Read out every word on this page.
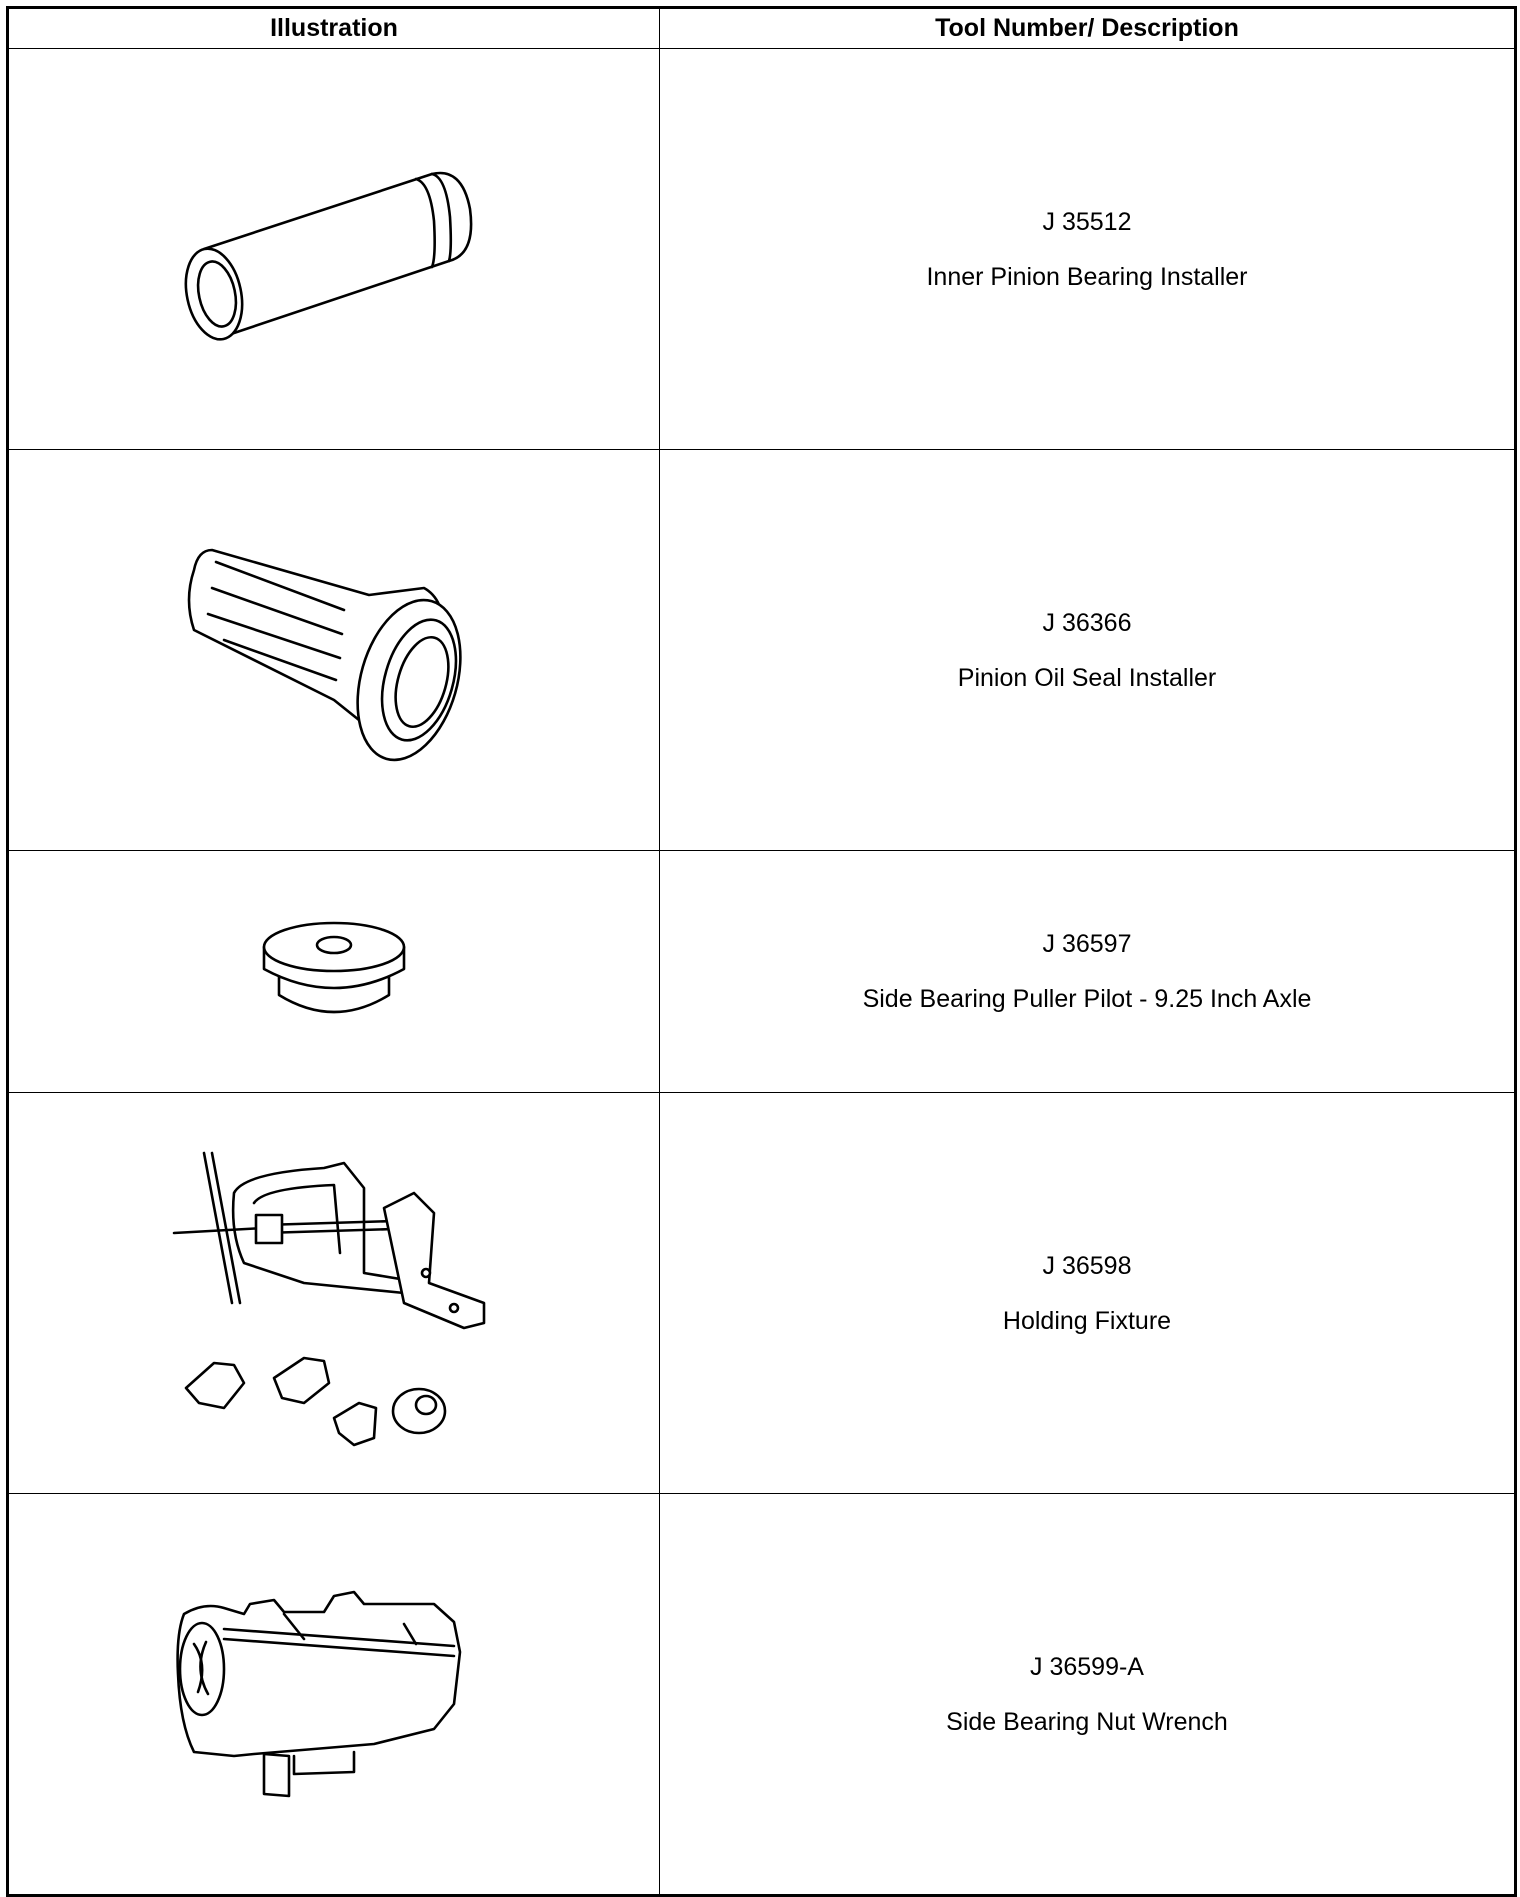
Illustration	Tool Number/ Description

J 35512
Inner Pinion Bearing Installer

J 36366
Pinion Oil Seal Installer

J 36597
Side Bearing Puller Pilot - 9.25 Inch Axle

J 36598
Holding Fixture

J 36599-A
Side Bearing Nut Wrench
